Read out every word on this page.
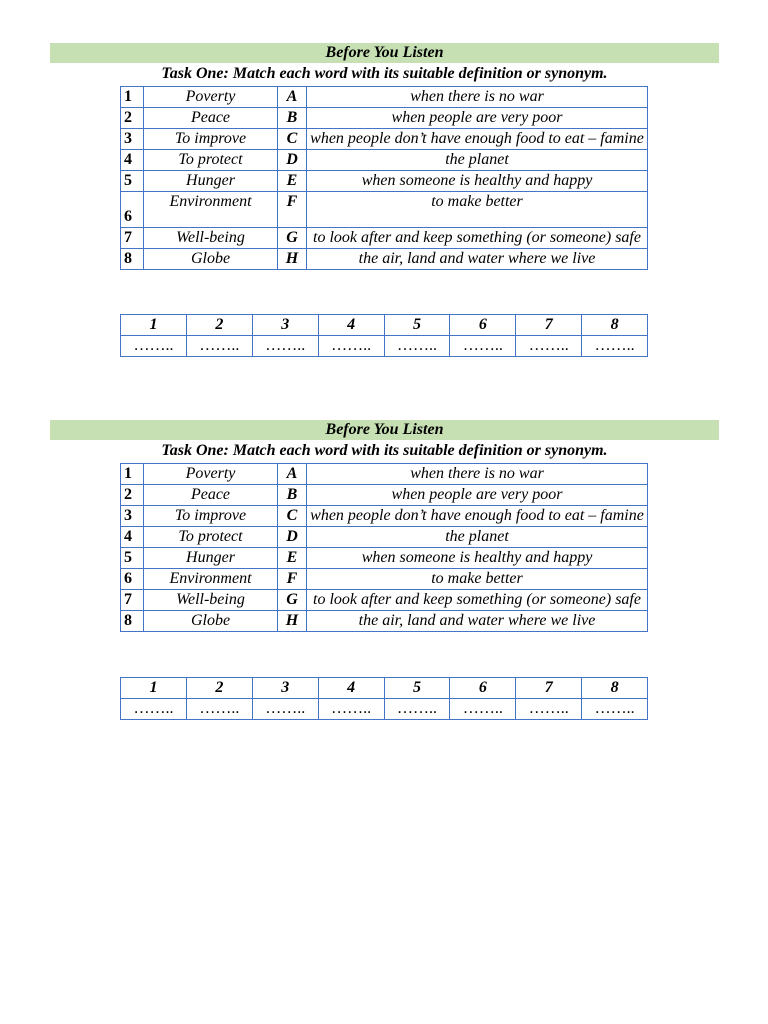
Before You Listen
Task One: Match each word with its suitable definition or synonym.
1	Poverty	A	when there is no war
2	Peace	B	when people are very poor
3	To improve	C	when people don’t have enough food to eat – famine
4	To protect	D	the planet
5	Hunger	E	when someone is healthy and happy
6	Environment	F	to make better
7	Well-being	G	to look after and keep something (or someone) safe
8	Globe	H	the air, land and water where we live
1	2	3	4	5	6	7	8
……..	……..	……..	……..	……..	……..	……..	……..
Before You Listen
Task One: Match each word with its suitable definition or synonym.
1	Poverty	A	when there is no war
2	Peace	B	when people are very poor
3	To improve	C	when people don’t have enough food to eat – famine
4	To protect	D	the planet
5	Hunger	E	when someone is healthy and happy
6	Environment	F	to make better
7	Well-being	G	to look after and keep something (or someone) safe
8	Globe	H	the air, land and water where we live
1	2	3	4	5	6	7	8
……..	……..	……..	……..	……..	……..	……..	……..
